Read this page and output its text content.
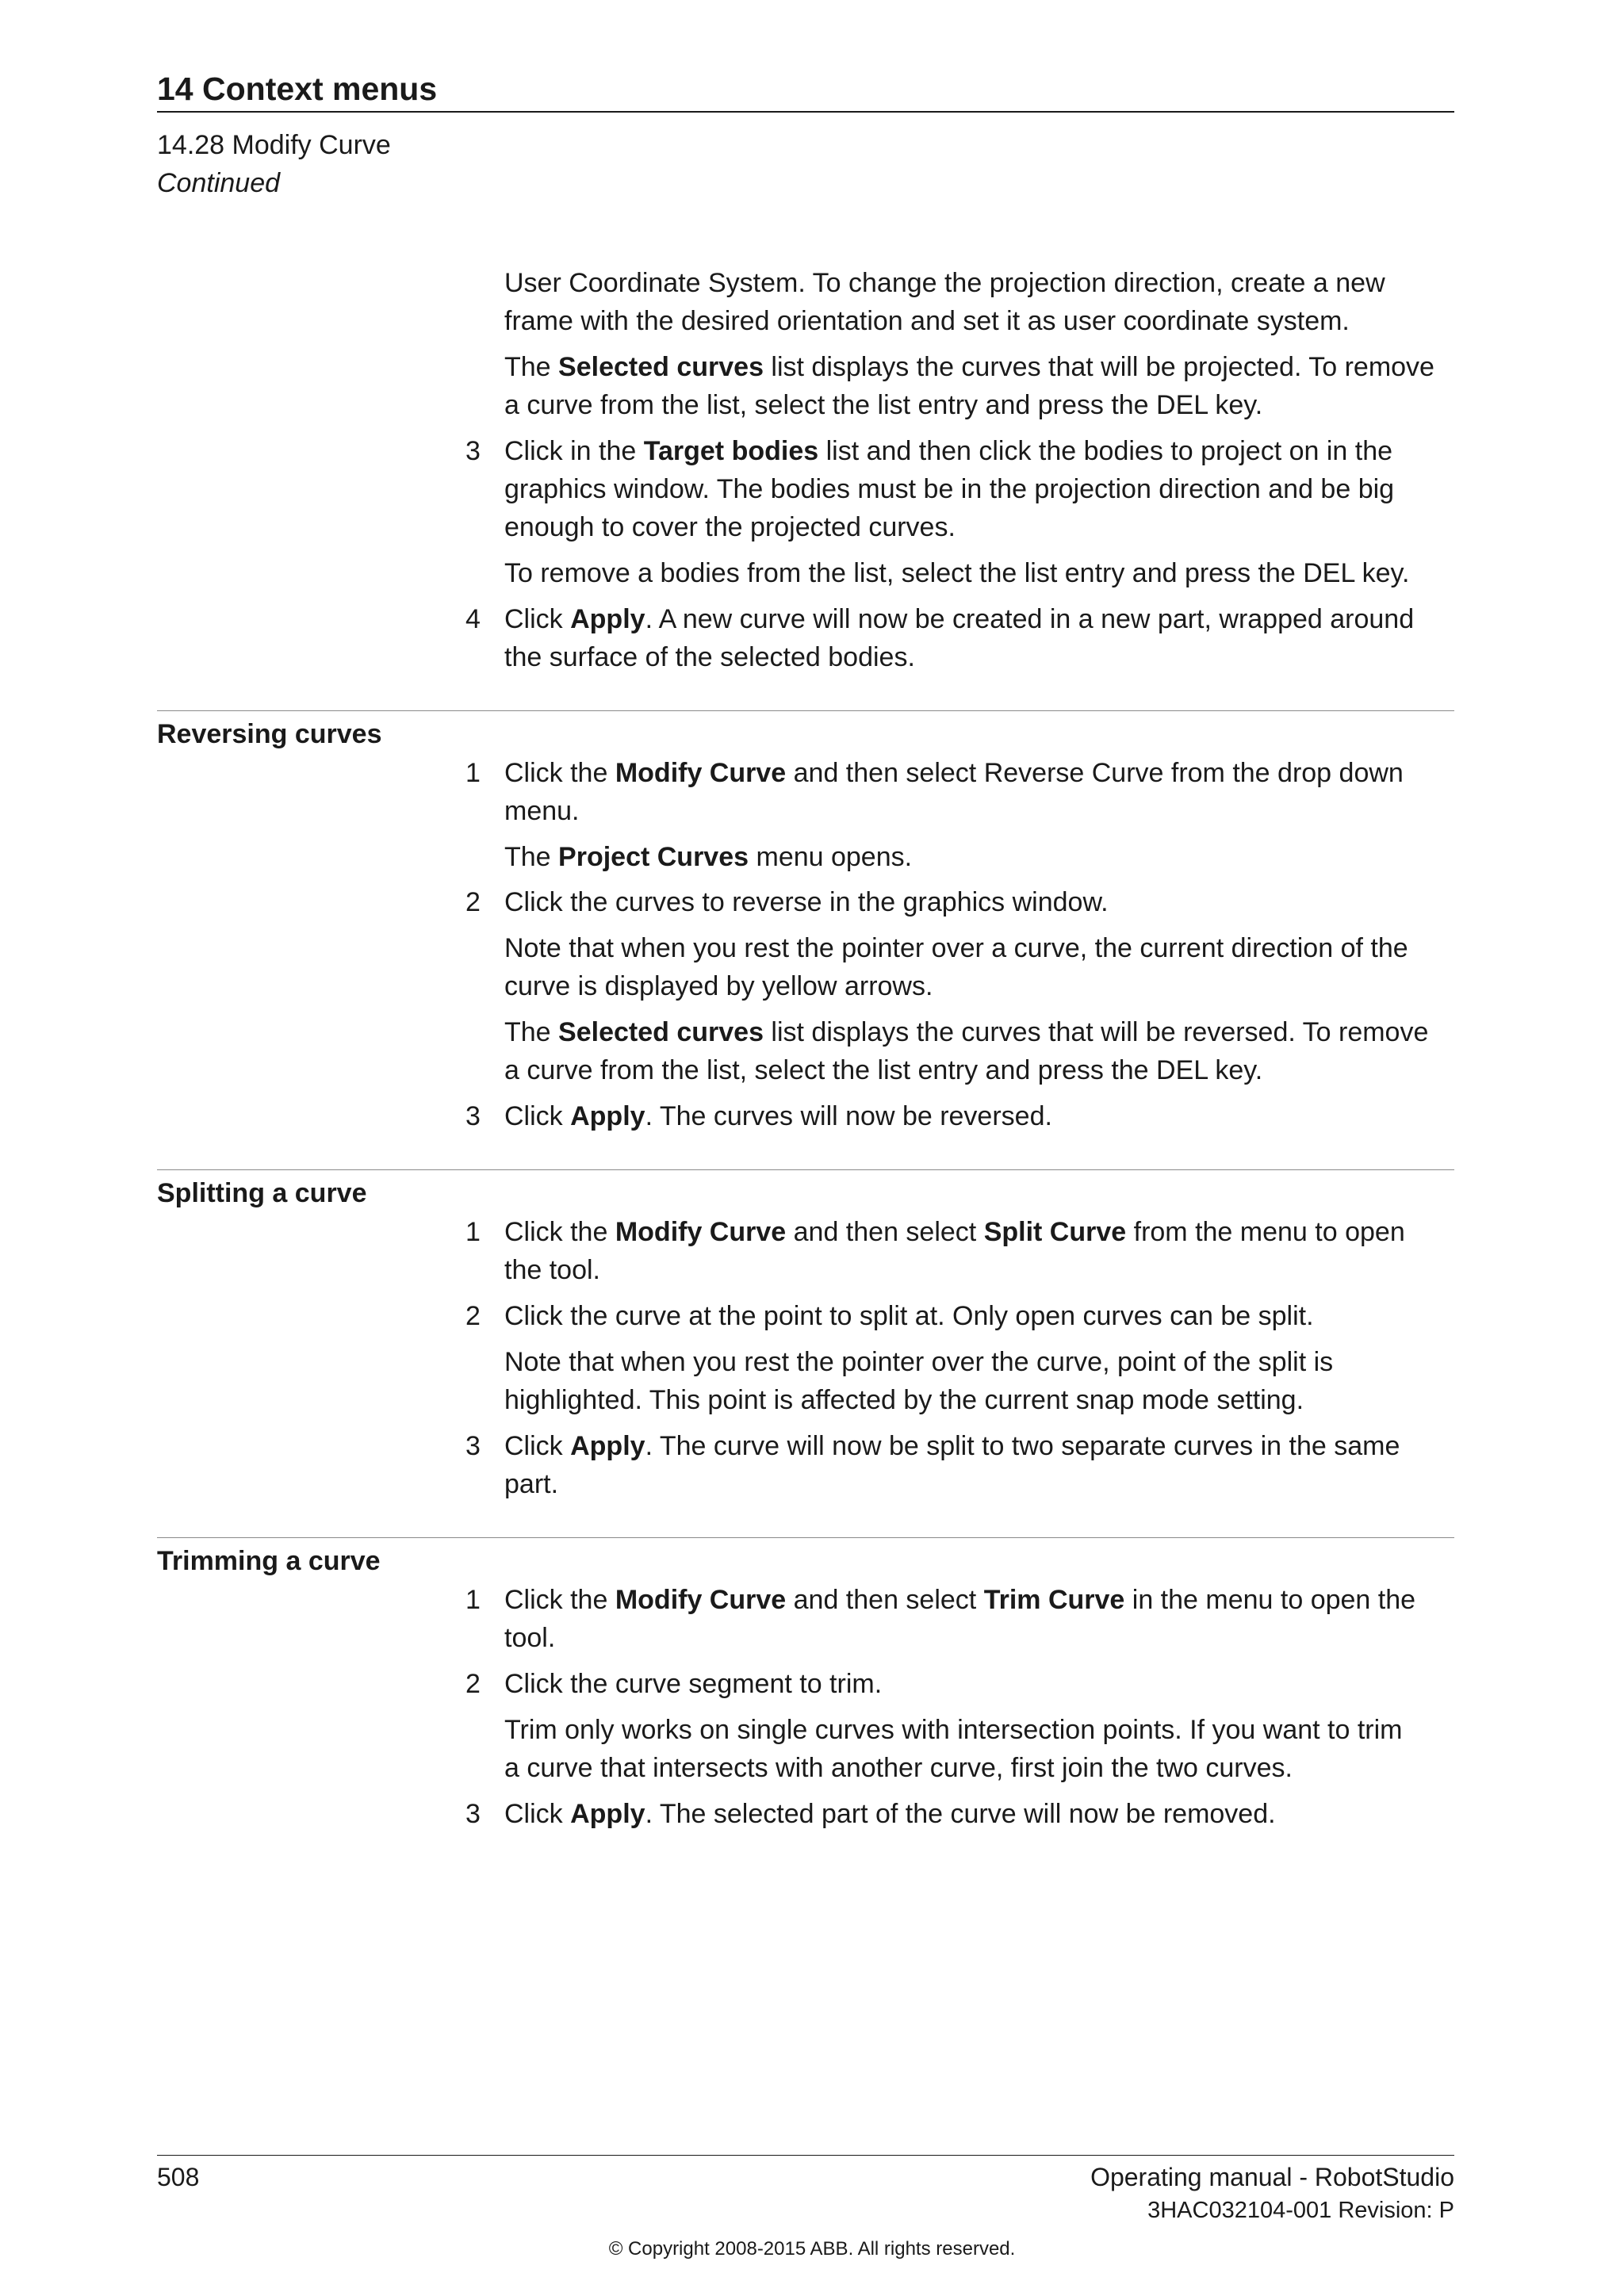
14 Context menus
14.28 Modify Curve
Continued
User Coordinate System. To change the projection direction, create a new
frame with the desired orientation and set it as user coordinate system.
The Selected curves list displays the curves that will be projected. To remove
a curve from the list, select the list entry and press the DEL key.
3 Click in the Target bodies list and then click the bodies to project on in the
graphics window. The bodies must be in the projection direction and be big
enough to cover the projected curves.
To remove a bodies from the list, select the list entry and press the DEL key.
4 Click Apply. A new curve will now be created in a new part, wrapped around
the surface of the selected bodies.
Reversing curves
1 Click the Modify Curve and then select Reverse Curve from the drop down
menu.
The Project Curves menu opens.
2 Click the curves to reverse in the graphics window.
Note that when you rest the pointer over a curve, the current direction of the
curve is displayed by yellow arrows.
The Selected curves list displays the curves that will be reversed. To remove
a curve from the list, select the list entry and press the DEL key.
3 Click Apply. The curves will now be reversed.
Splitting a curve
1 Click the Modify Curve and then select Split Curve from the menu to open
the tool.
2 Click the curve at the point to split at. Only open curves can be split.
Note that when you rest the pointer over the curve, point of the split is
highlighted. This point is affected by the current snap mode setting.
3 Click Apply. The curve will now be split to two separate curves in the same
part.
Trimming a curve
1 Click the Modify Curve and then select Trim Curve in the menu to open the
tool.
2 Click the curve segment to trim.
Trim only works on single curves with intersection points. If you want to trim
a curve that intersects with another curve, first join the two curves.
3 Click Apply. The selected part of the curve will now be removed.
508	Operating manual - RobotStudio
3HAC032104-001 Revision: P
© Copyright 2008-2015 ABB. All rights reserved.
